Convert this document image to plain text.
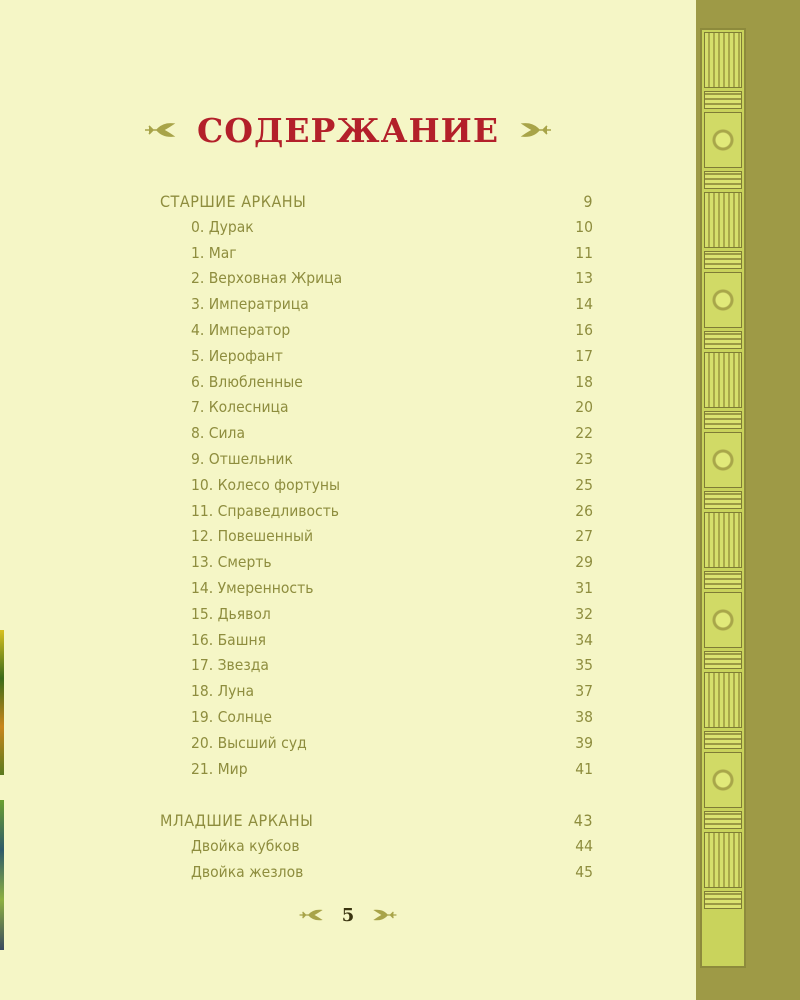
СОДЕРЖАНИЕ
СТАРШИЕ АРКАНЫ	9
0. Дурак	10
1. Маг	11
2. Верховная Жрица	13
3. Императрица	14
4. Император	16
5. Иерофант	17
6. Влюбленные	18
7. Колесница	20
8. Сила	22
9. Отшельник	23
10. Колесо фортуны	25
11. Справедливость	26
12. Повешенный	27
13. Смерть	29
14. Умеренность	31
15. Дьявол	32
16. Башня	34
17. Звезда	35
18. Луна	37
19. Солнце	38
20. Высший суд	39
21. Мир	41
МЛАДШИЕ АРКАНЫ	43
Двойка кубков	44
Двойка жезлов	45
5
